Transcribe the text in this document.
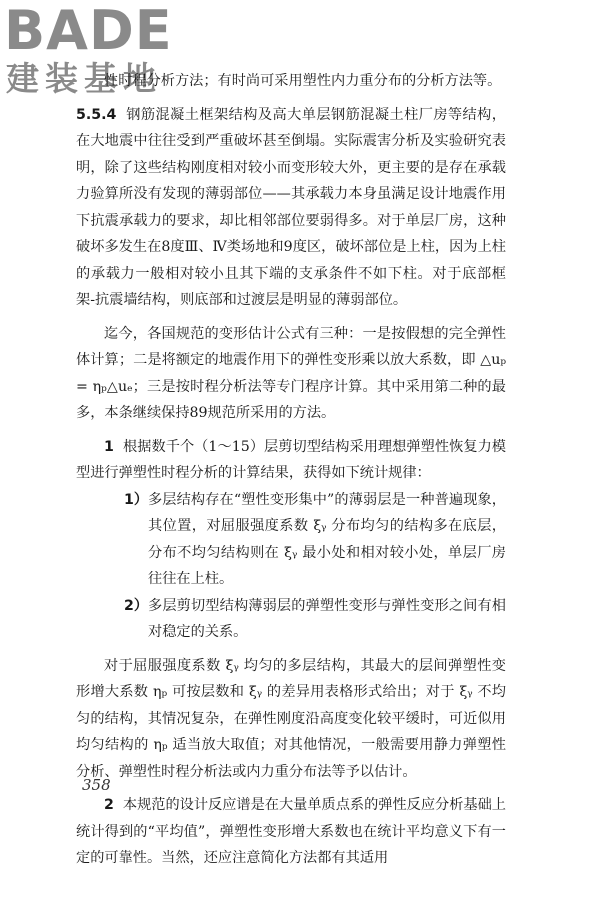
BADE
建装基地

性时程分析方法；有时尚可采用塑性内力重分布的分析方法等。

5.5.4 钢筋混凝土框架结构及高大单层钢筋混凝土柱厂房等结构，在大地震中往往受到严重破坏甚至倒塌。实际震害分析及实验研究表明，除了这些结构刚度相对较小而变形较大外，更主要的是存在承载力验算所没有发现的薄弱部位——其承载力本身虽满足设计地震作用下抗震承载力的要求，却比相邻部位要弱得多。对于单层厂房，这种破坏多发生在8度Ⅲ、Ⅳ类场地和9度区，破坏部位是上柱，因为上柱的承载力一般相对较小且其下端的支承条件不如下柱。对于底部框架-抗震墙结构，则底部和过渡层是明显的薄弱部位。

迄今，各国规范的变形估计公式有三种：一是按假想的完全弹性体计算；二是将额定的地震作用下的弹性变形乘以放大系数，即 △uₚ = ηₚ△uₑ；三是按时程分析法等专门程序计算。其中采用第二种的最多，本条继续保持89规范所采用的方法。

1 根据数千个（1～15）层剪切型结构采用理想弹塑性恢复力模型进行弹塑性时程分析的计算结果，获得如下统计规律：

1） 多层结构存在“塑性变形集中”的薄弱层是一种普遍现象，其位置，对屈服强度系数 ξᵧ 分布均匀的结构多在底层，分布不均匀结构则在 ξᵧ 最小处和相对较小处，单层厂房往往在上柱。

2） 多层剪切型结构薄弱层的弹塑性变形与弹性变形之间有相对稳定的关系。

对于屈服强度系数 ξᵧ 均匀的多层结构，其最大的层间弹塑性变形增大系数 ηₚ 可按层数和 ξᵧ 的差异用表格形式给出；对于 ξᵧ 不均匀的结构，其情况复杂，在弹性刚度沿高度变化较平缓时，可近似用均匀结构的 ηₚ 适当放大取值；对其他情况，一般需要用静力弹塑性分析、弹塑性时程分析法或内力重分布法等予以估计。

2 本规范的设计反应谱是在大量单质点系的弹性反应分析基础上统计得到的“平均值”，弹塑性变形增大系数也在统计平均意义下有一定的可靠性。当然，还应注意简化方法都有其适用

358
